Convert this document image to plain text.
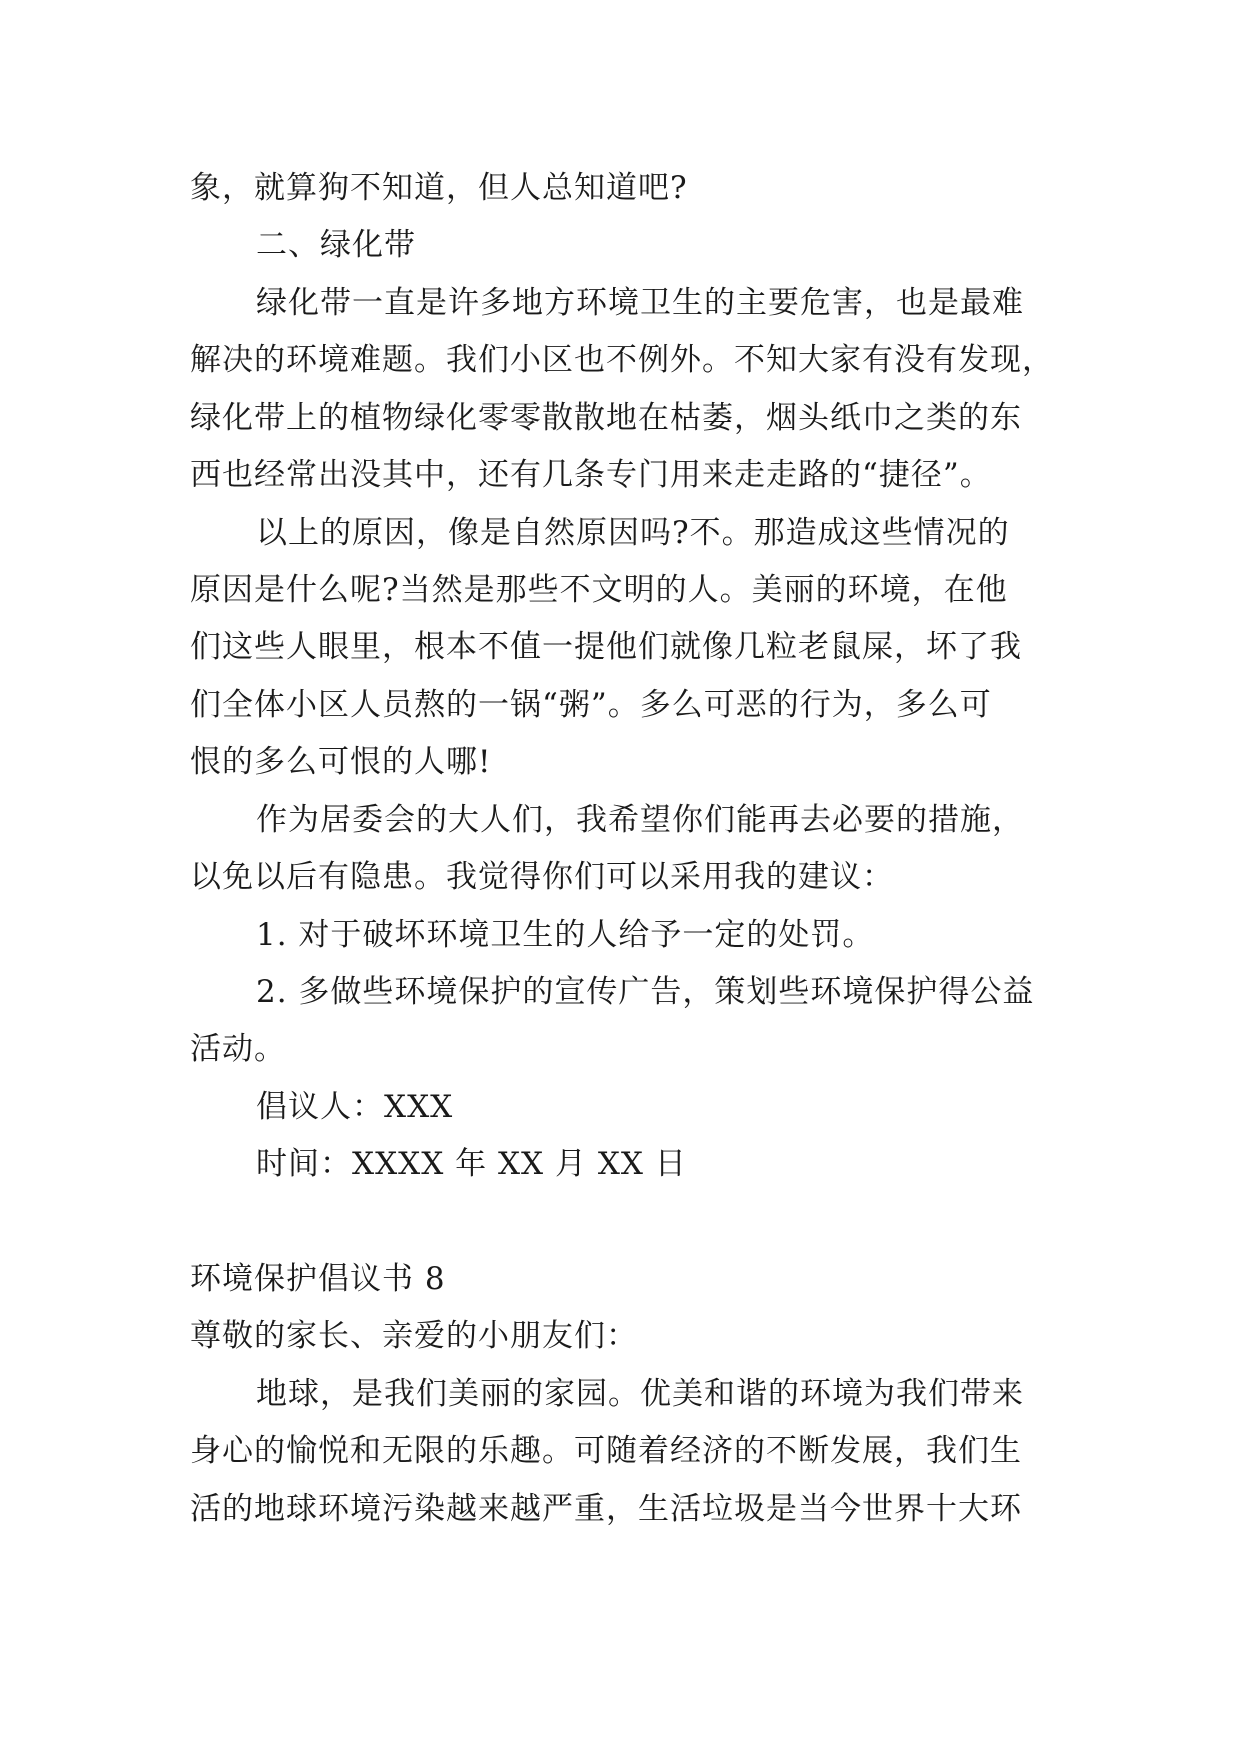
象，就算狗不知道，但人总知道吧?
二、绿化带
绿化带一直是许多地方环境卫生的主要危害，也是最难
解决的环境难题。我们小区也不例外。不知大家有没有发现，
绿化带上的植物绿化零零散散地在枯萎，烟头纸巾之类的东
西也经常出没其中，还有几条专门用来走走路的“捷径”。
以上的原因，像是自然原因吗?不。那造成这些情况的
原因是什么呢?当然是那些不文明的人。美丽的环境，在他
们这些人眼里，根本不值一提他们就像几粒老鼠屎，坏了我
们全体小区人员熬的一锅“粥”。多么可恶的行为，多么可
恨的多么可恨的人哪!
作为居委会的大人们，我希望你们能再去必要的措施，
以免以后有隐患。我觉得你们可以采用我的建议：
1. 对于破坏环境卫生的人给予一定的处罚。
2. 多做些环境保护的宣传广告，策划些环境保护得公益
活动。
倡议人：XXX
时间：XXXX 年 XX 月 XX 日
环境保护倡议书 8
尊敬的家长、亲爱的小朋友们：
地球，是我们美丽的家园。优美和谐的环境为我们带来
身心的愉悦和无限的乐趣。可随着经济的不断发展，我们生
活的地球环境污染越来越严重，生活垃圾是当今世界十大环
